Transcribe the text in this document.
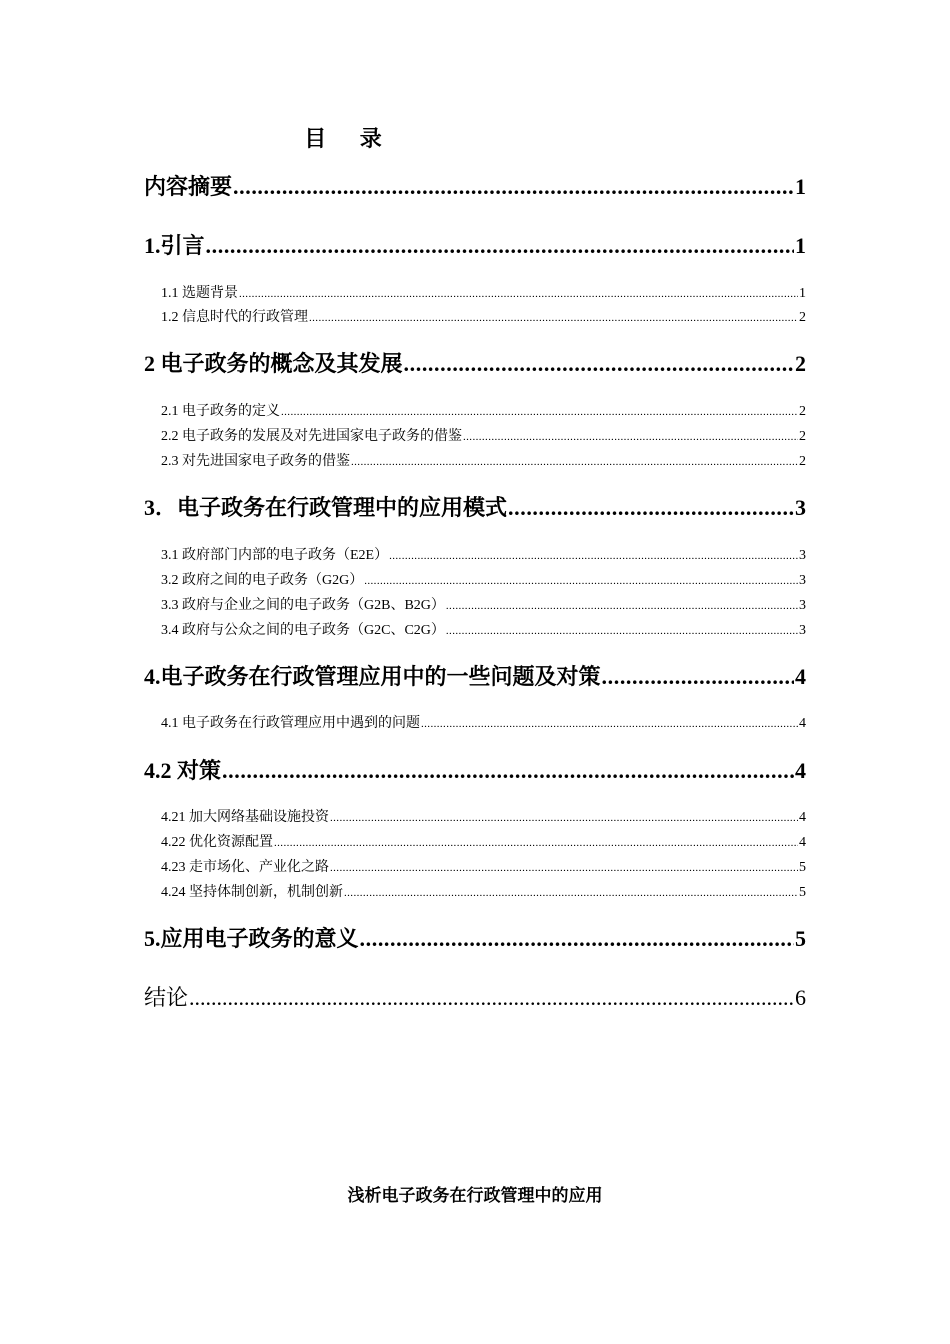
目 录
内容摘要 .....	1
1.引言 .....	1
1.1 选题背景 .....	1
1.2 信息时代的行政管理 .....	2
2 电子政务的概念及其发展 .....	2
2.1 电子政务的定义 .....	2
2.2 电子政务的发展及对先进国家电子政务的借鉴 .....	2
2.3 对先进国家电子政务的借鉴 .....	2
3．电子政务在行政管理中的应用模式 .....	3
3.1 政府部门内部的电子政务（E2E） .....	3
3.2 政府之间的电子政务（G2G） .....	3
3.3 政府与企业之间的电子政务（G2B、B2G） .....	3
3.4 政府与公众之间的电子政务（G2C、C2G） .....	3
4.电子政务在行政管理应用中的一些问题及对策 .....	4
4.1 电子政务在行政管理应用中遇到的问题 .....	4
4.2 对策 .....	4
4.21 加大网络基础设施投资 .....	4
4.22 优化资源配置 .....	4
4.23 走市场化、产业化之路 .....	5
4.24 坚持体制创新，机制创新 .....	5
5.应用电子政务的意义 .....	5
结论 .....	6
浅析电子政务在行政管理中的应用
